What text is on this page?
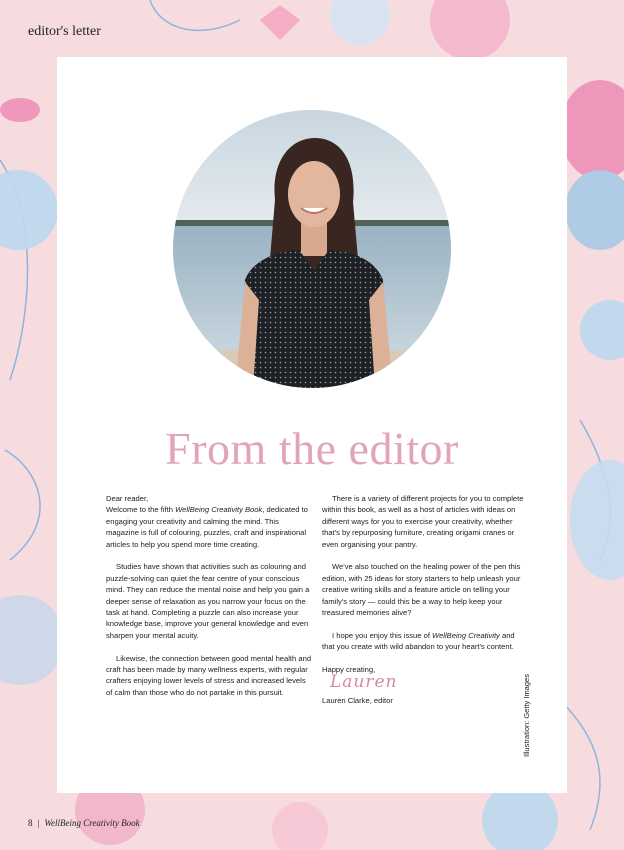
editor's letter
From the editor

Dear reader,
Welcome to the fifth WellBeing Creativity Book, dedicated to engaging your creativity and calming the mind. This magazine is full of colouring, puzzles, craft and inspirational articles to help you spend more time creating.

Studies have shown that activities such as colouring and puzzle-solving can quiet the fear centre of your conscious mind. They can reduce the mental noise and help you gain a deeper sense of relaxation as you narrow your focus on the task at hand. Completing a puzzle can also increase your knowledge base, improve your general knowledge and even sharpen your mental acuity.

Likewise, the connection between good mental health and craft has been made by many wellness experts, with regular crafters enjoying lower levels of stress and increased levels of calm than those who do not partake in this pursuit.

There is a variety of different projects for you to complete within this book, as well as a host of articles with ideas on different ways for you to exercise your creativity, whether that's by repurposing furniture, creating origami cranes or even organising your pantry.

We've also touched on the healing power of the pen this edition, with 25 ideas for story starters to help unleash your creative writing skills and a feature article on telling your family's story — could this be a way to help keep your treasured memories alive?

I hope you enjoy this issue of WellBeing Creativity and that you create with wild abandon to your heart's content.

Happy creating,

Lauren

Lauren Clarke, editor	Illustration: Getty Images
8 | WellBeing Creativity Book
